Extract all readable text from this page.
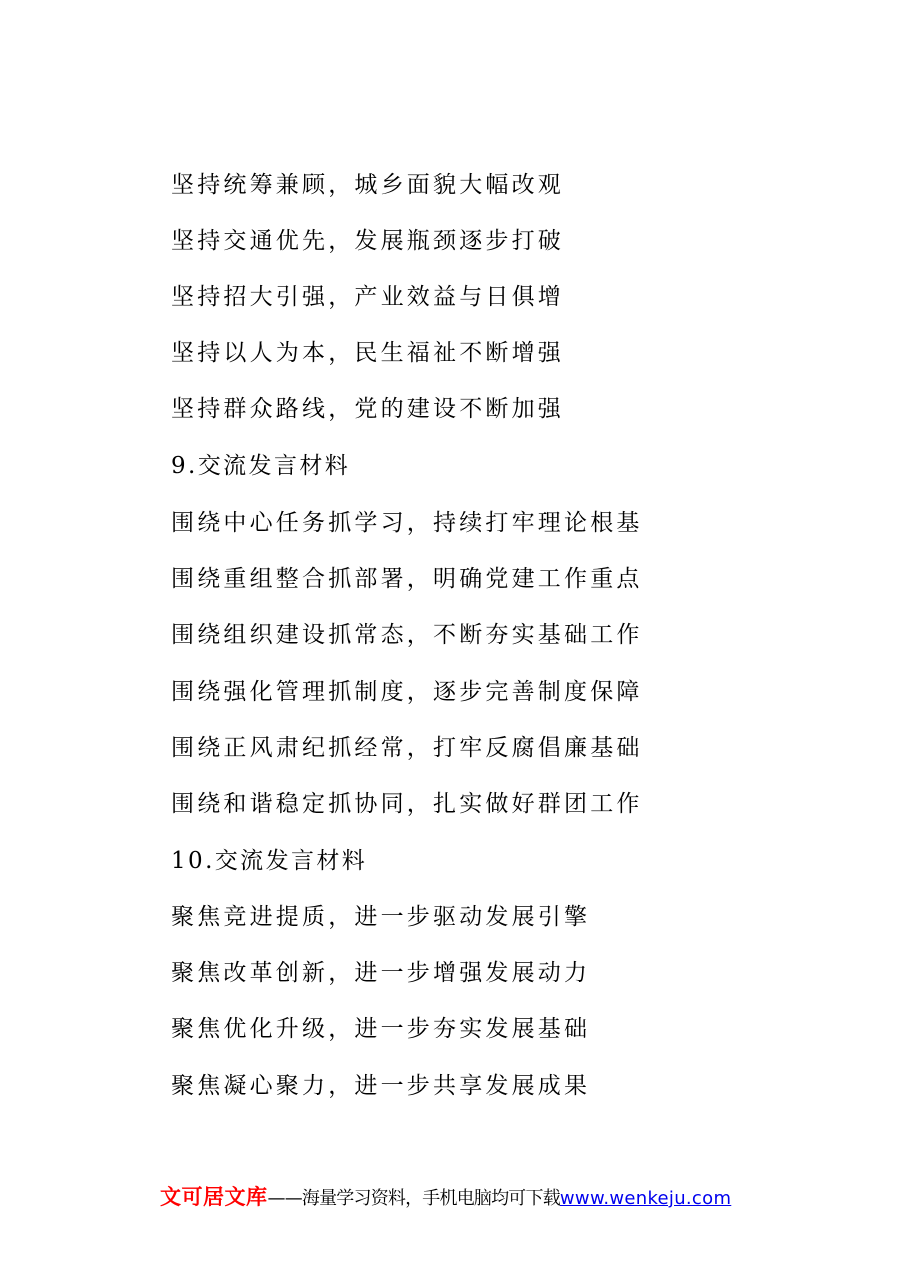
坚持统筹兼顾，城乡面貌大幅改观
坚持交通优先，发展瓶颈逐步打破
坚持招大引强，产业效益与日俱增
坚持以人为本，民生福祉不断增强
坚持群众路线，党的建设不断加强
9.交流发言材料
围绕中心任务抓学习，持续打牢理论根基
围绕重组整合抓部署，明确党建工作重点
围绕组织建设抓常态，不断夯实基础工作
围绕强化管理抓制度，逐步完善制度保障
围绕正风肃纪抓经常，打牢反腐倡廉基础
围绕和谐稳定抓协同，扎实做好群团工作
10.交流发言材料
聚焦竞进提质，进一步驱动发展引擎
聚焦改革创新，进一步增强发展动力
聚焦优化升级，进一步夯实发展基础
聚焦凝心聚力，进一步共享发展成果
文可居文库——海量学习资料，手机电脑均可下载www.wenkeju.com
